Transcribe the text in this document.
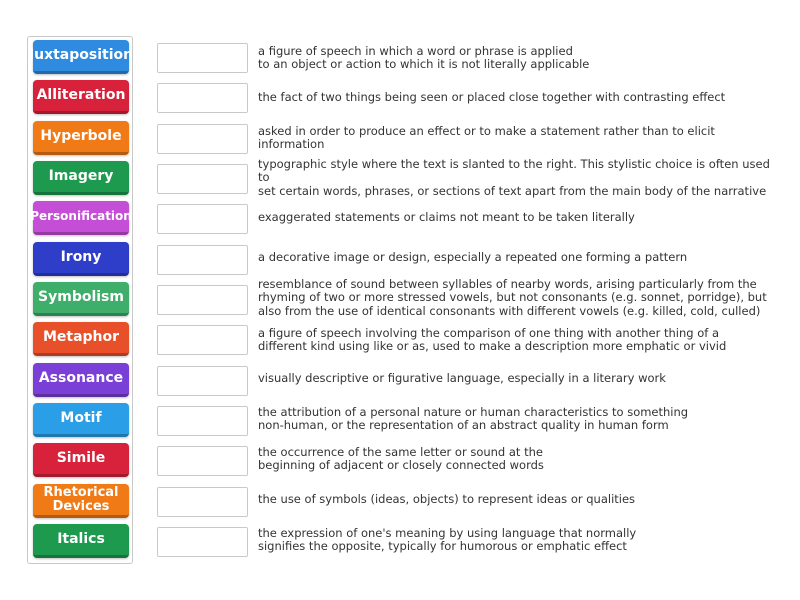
Juxtaposition
Alliteration
Hyperbole
Imagery
Personification
Irony
Symbolism
Metaphor
Assonance
Motif
Simile
Rhetorical Devices
Italics
a figure of speech in which a word or phrase is applied
to an object or action to which it is not literally applicable
the fact of two things being seen or placed close together with contrasting effect
asked in order to produce an effect or to make a statement rather than to elicit information
typographic style where the text is slanted to the right. This stylistic choice is often used to
set certain words, phrases, or sections of text apart from the main body of the narrative
exaggerated statements or claims not meant to be taken literally
a decorative image or design, especially a repeated one forming a pattern
resemblance of sound between syllables of nearby words, arising particularly from the
rhyming of two or more stressed vowels, but not consonants (e.g. sonnet, porridge), but
also from the use of identical consonants with different vowels (e.g. killed, cold, culled)
a figure of speech involving the comparison of one thing with another thing of a
different kind using like or as, used to make a description more emphatic or vivid
visually descriptive or figurative language, especially in a literary work
the attribution of a personal nature or human characteristics to something
non-human, or the representation of an abstract quality in human form
the occurrence of the same letter or sound at the
beginning of adjacent or closely connected words
the use of symbols (ideas, objects) to represent ideas or qualities
the expression of one's meaning by using language that normally
signifies the opposite, typically for humorous or emphatic effect
